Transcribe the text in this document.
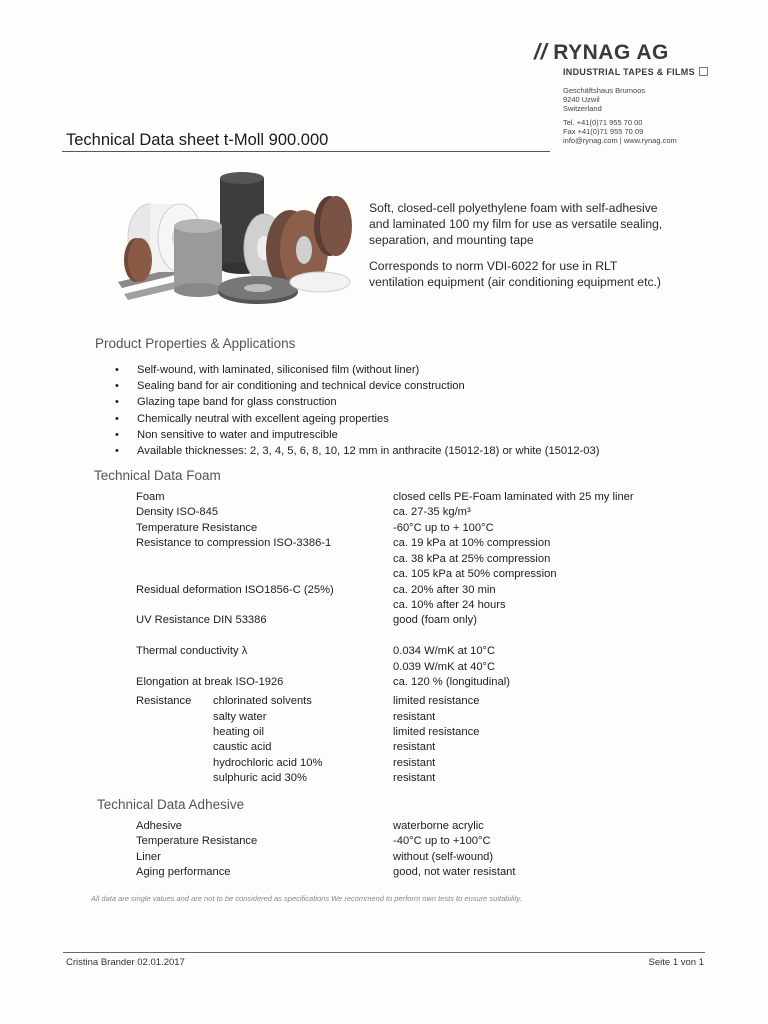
// RYNAG AG
INDUSTRIAL TAPES & FILMS
Geschäftshaus Brumoos
9240 Uzwil
Switzerland
Tel. +41(0)71 955 70 00
Fax +41(0)71 955 70 09
info@rynag.com | www.rynag.com
Technical Data sheet t-Moll 900.000
Soft, closed-cell polyethylene foam with self-adhesive and laminated 100 my film for use as versatile sealing, separation, and mounting tape
Corresponds to norm VDI-6022 for use in RLT ventilation equipment (air conditioning equipment etc.)
Product Properties & Applications
• Self-wound, with laminated, siliconised film (without liner)
• Sealing band for air conditioning and technical device construction
• Glazing tape band for glass construction
• Chemically neutral with excellent ageing properties
• Non sensitive to water and imputrescible
• Available thicknesses: 2, 3, 4, 5, 6, 8, 10, 12 mm in anthracite (15012-18) or white (15012-03)
Technical Data Foam
Foam	closed cells PE-Foam laminated with 25 my liner
Density ISO-845	ca. 27-35 kg/m³
Temperature Resistance	-60°C up to + 100°C
Resistance to compression ISO-3386-1	ca. 19 kPa at 10% compression
ca. 38 kPa at 25% compression
ca. 105 kPa at 50% compression
Residual deformation ISO1856-C (25%)	ca. 20% after 30 min
ca. 10% after 24 hours
UV Resistance DIN 53386	good (foam only)
Thermal conductivity λ	0.034 W/mK at 10°C
0.039 W/mK at 40°C
Elongation at break ISO-1926	ca. 120 % (longitudinal)
Resistance chlorinated solvents	limited resistance
salty water	resistant
heating oil	limited resistance
caustic acid	resistant
hydrochloric acid 10%	resistant
sulphuric acid 30%	resistant
Technical Data Adhesive
Adhesive	waterborne acrylic
Temperature Resistance	-40°C up to +100°C
Liner	without (self-wound)
Aging performance	good, not water resistant
All data are single values and are not to be considered as specifications We recommend to perform own tests to ensure suitability.
Cristina Brander 02.01.2017	Seite 1 von 1
